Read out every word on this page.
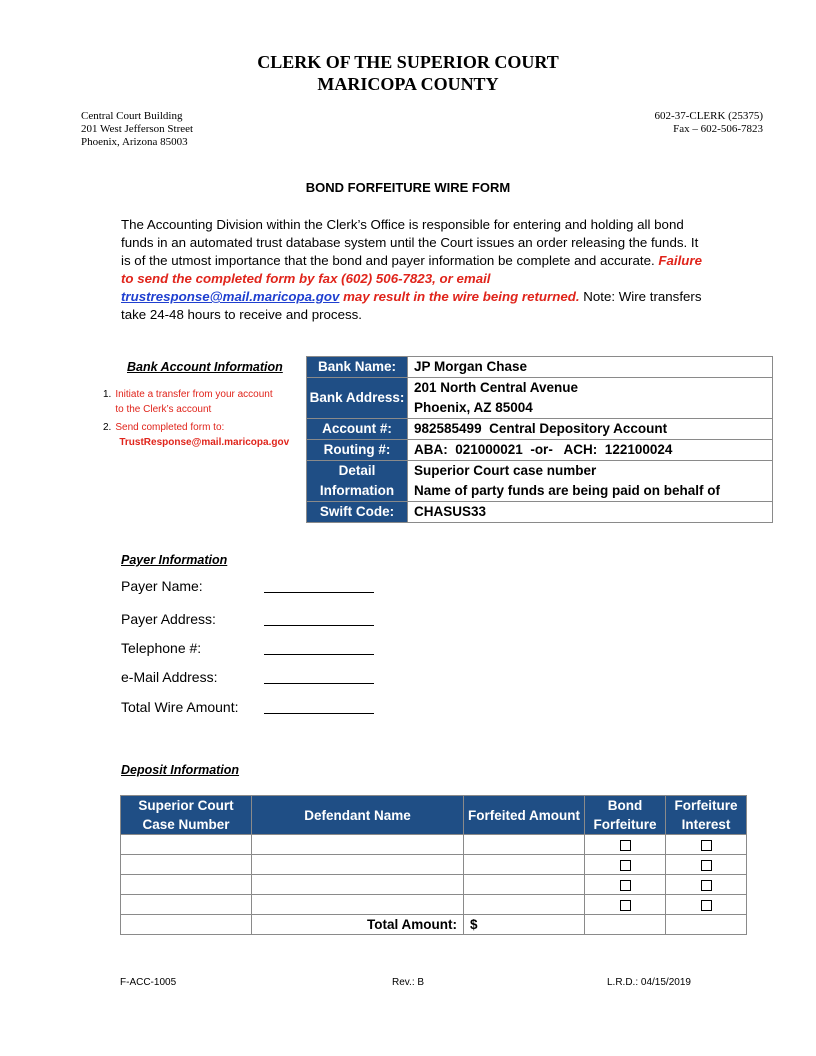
CLERK OF THE SUPERIOR COURT
MARICOPA COUNTY
Central Court Building
201 West Jefferson Street
Phoenix, Arizona 85003
602-37-CLERK (25375)
Fax – 602-506-7823
BOND FORFEITURE WIRE FORM
The Accounting Division within the Clerk’s Office is responsible for entering and holding all bond funds in an automated trust database system until the Court issues an order releasing the funds. It is of the utmost importance that the bond and payer information be complete and accurate. Failure to send the completed form by fax (602) 506-7823, or email trustresponse@mail.maricopa.gov may result in the wire being returned. Note: Wire transfers take 24-48 hours to receive and process.
Bank Account Information
1. Initiate a transfer from your account to the Clerk’s account
2. Send completed form to:
TrustResponse@mail.maricopa.gov
Bank Name:	JP Morgan Chase
Bank Address:	201 North Central Avenue
Phoenix, AZ 85004

Account #:	982585499  Central Depository Account
Routing #:	ABA:  021000021  -or-   ACH:  122100024
Detail Information	Superior Court case number
Name of party funds are being paid on behalf of

Swift Code:	CHASUS33
Payer Information
Payer Name:
Payer Address:
Telephone #:
e-Mail Address:
Total Wire Amount:
Deposit Information
Superior Court Case Number	Defendant Name	Forfeited Amount	Bond Forfeiture	Forfeiture Interest

	Total Amount:	$		
F-ACC-1005	Rev.: B	L.R.D.: 04/15/2019
